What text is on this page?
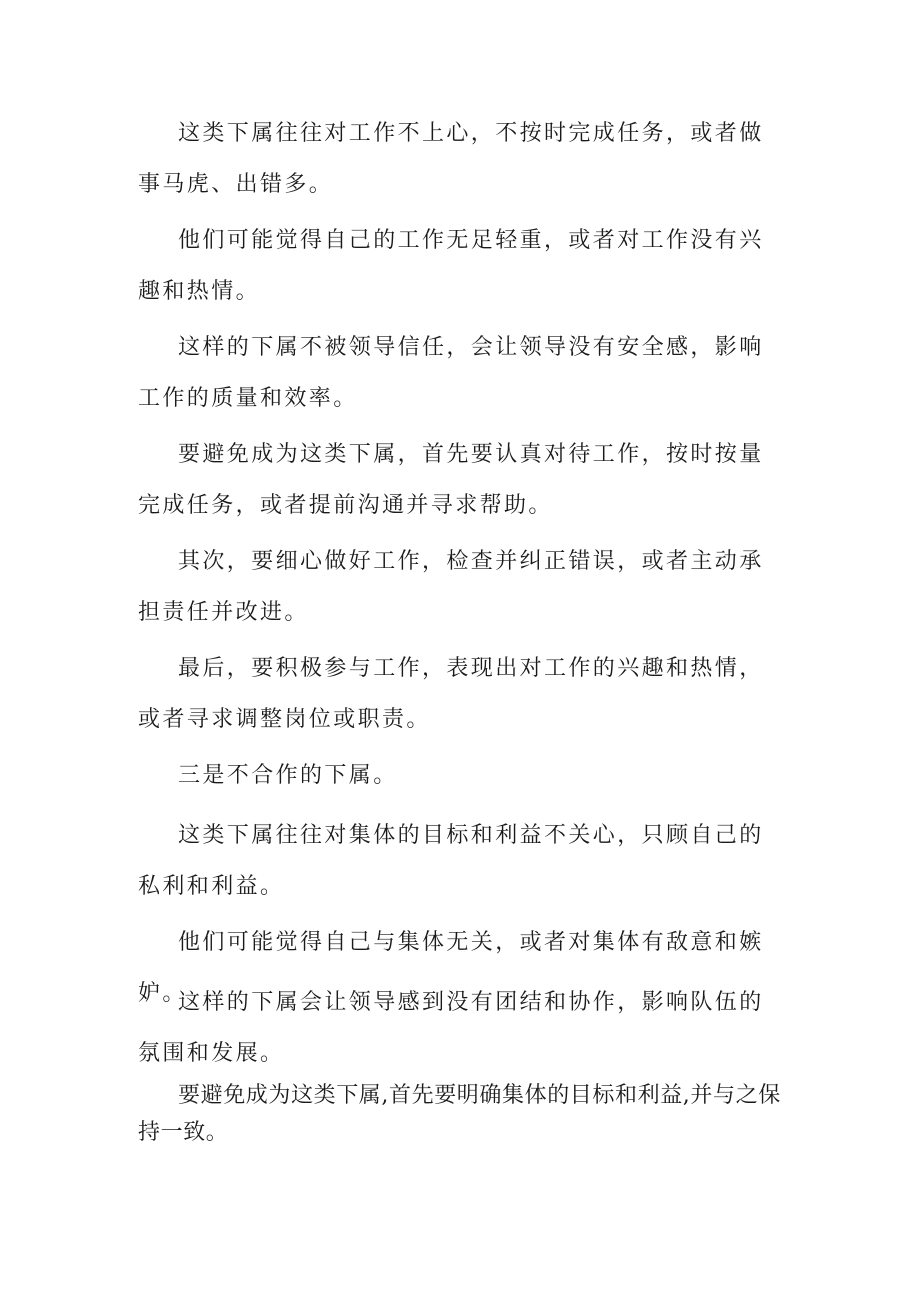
这类下属往往对工作不上心，不按时完成任务，或者做事马虎、出错多。

他们可能觉得自己的工作无足轻重，或者对工作没有兴趣和热情。

这样的下属不被领导信任，会让领导没有安全感，影响工作的质量和效率。

要避免成为这类下属，首先要认真对待工作，按时按量完成任务，或者提前沟通并寻求帮助。

其次，要细心做好工作，检查并纠正错误，或者主动承担责任并改进。

最后，要积极参与工作，表现出对工作的兴趣和热情，或者寻求调整岗位或职责。

三是不合作的下属。

这类下属往往对集体的目标和利益不关心，只顾自己的私利和利益。

他们可能觉得自己与集体无关，或者对集体有敌意和嫉妒。

这样的下属会让领导感到没有团结和协作，影响队伍的氛围和发展。

要避免成为这类下属,首先要明确集体的目标和利益,并与之保持一致。
